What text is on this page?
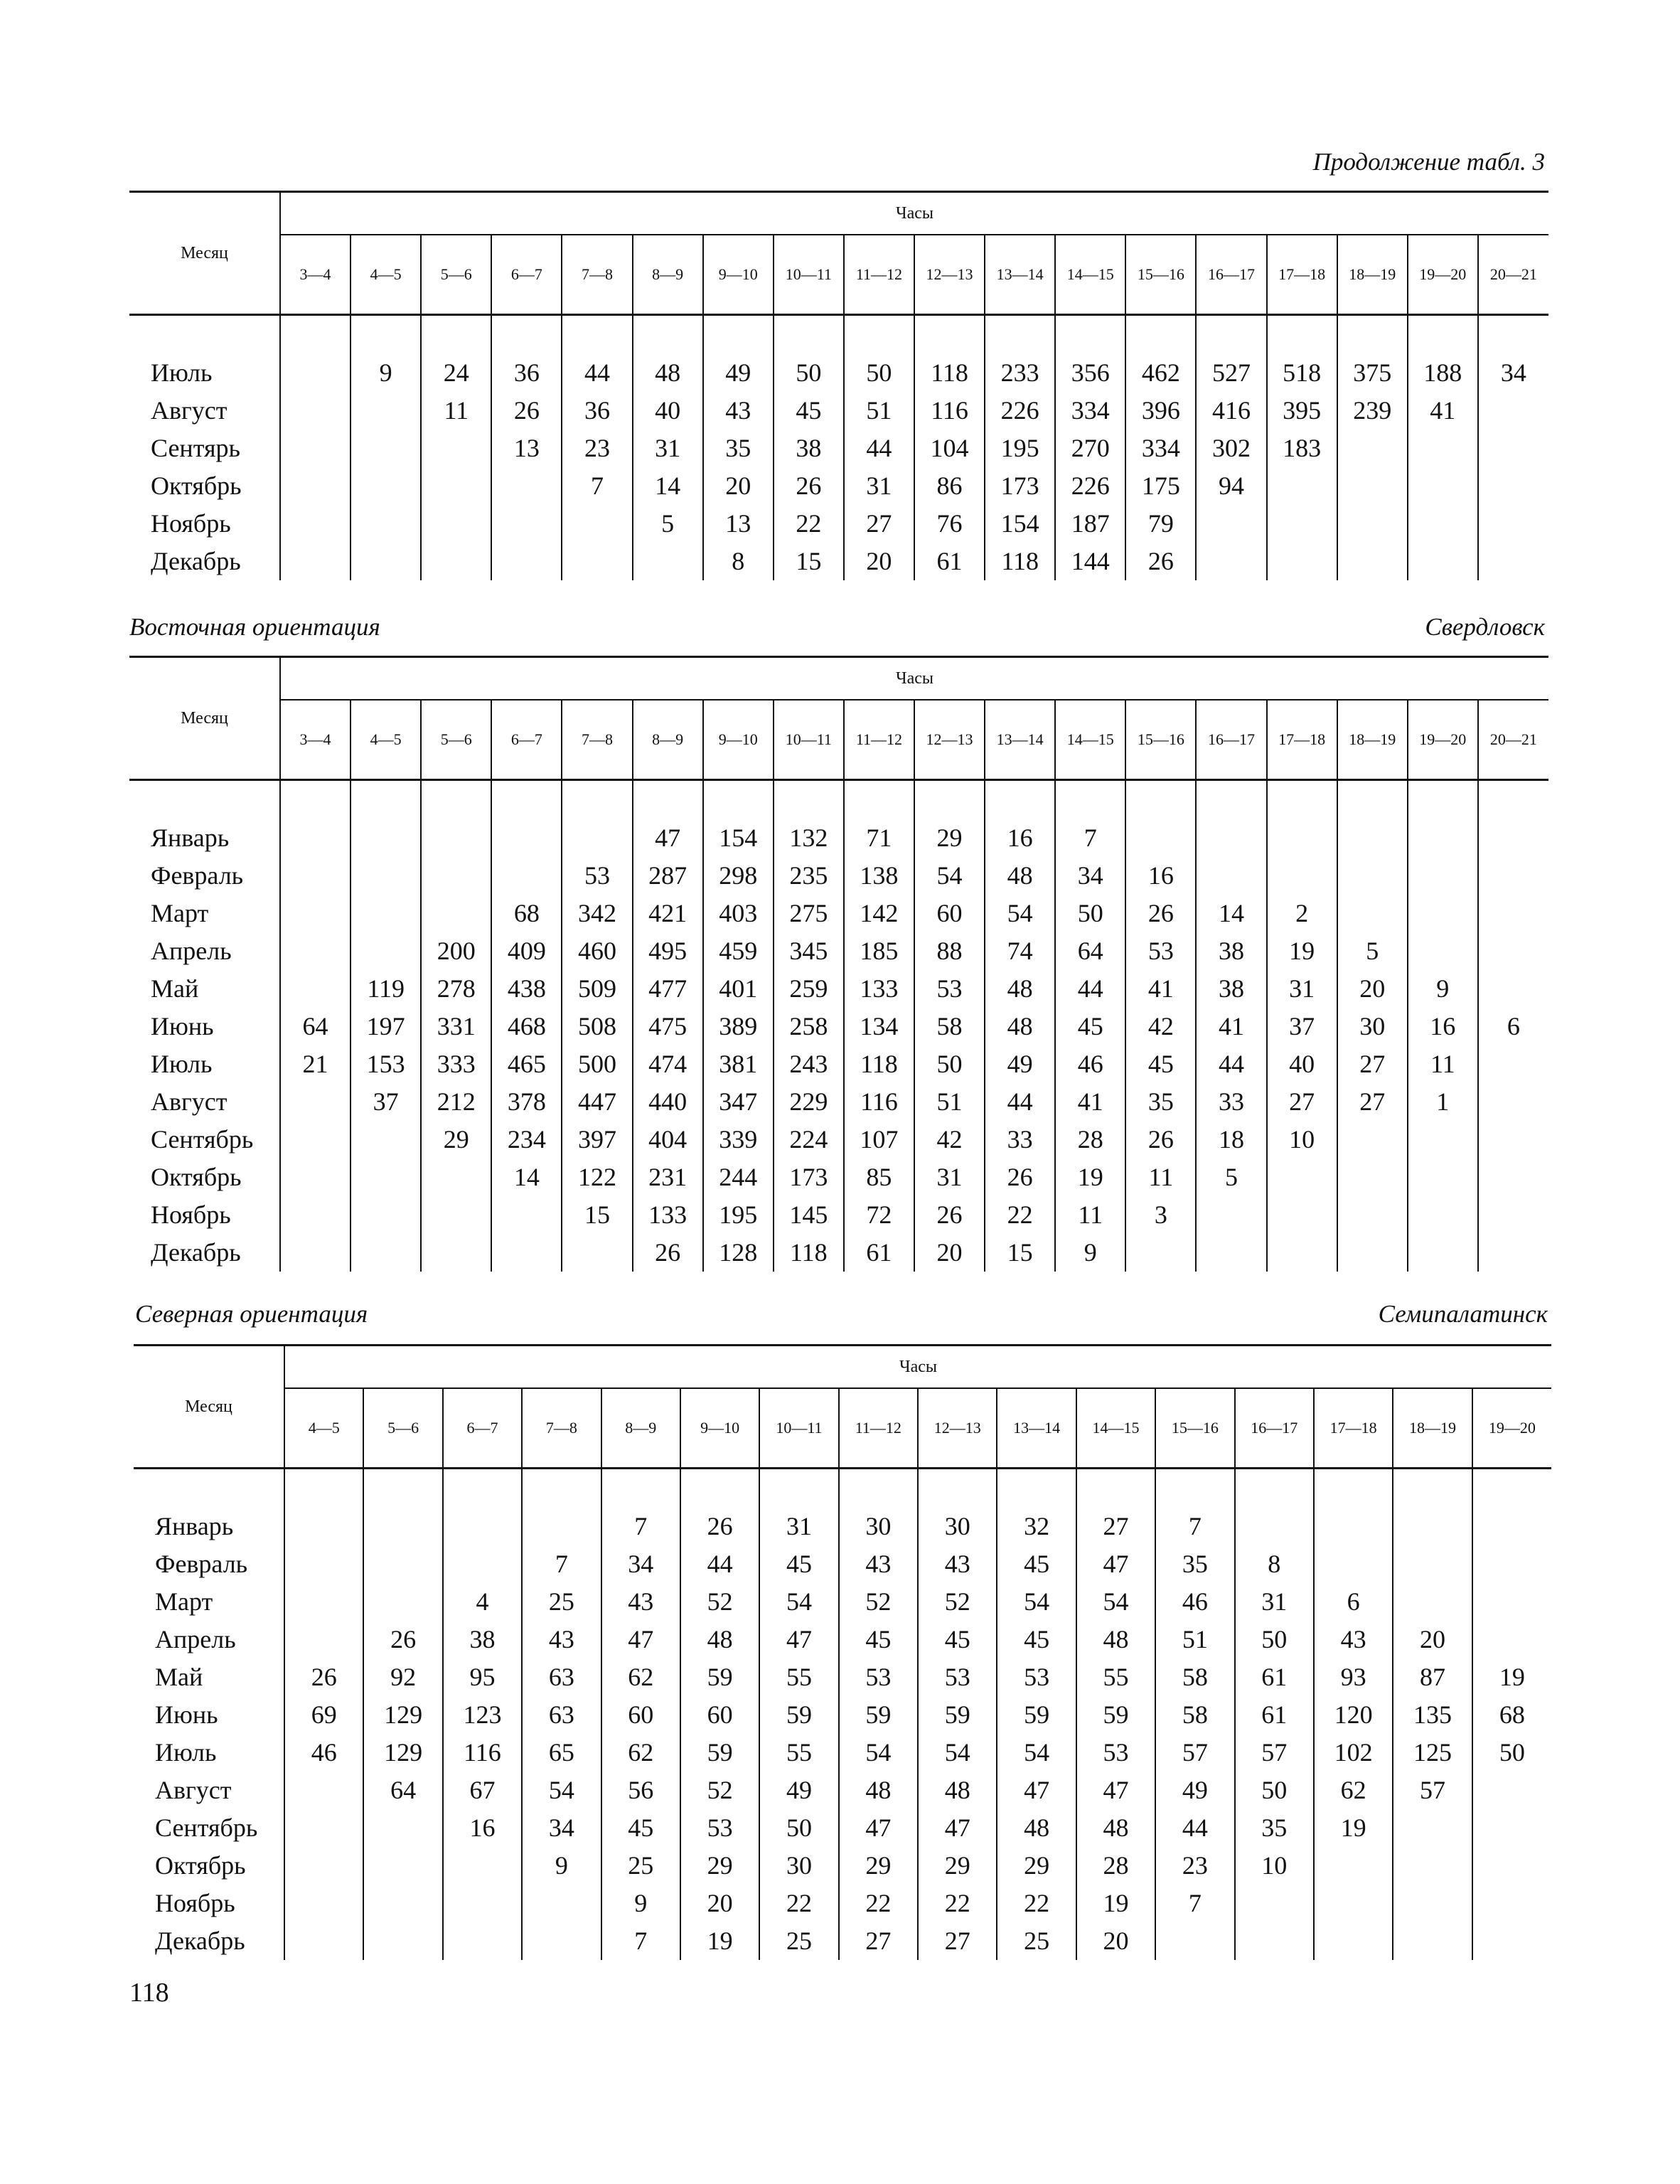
Продолжение табл. 3
Месяц	Часы																	
	3—4	4—5	5—6	6—7	7—8	8—9	9—10	10—11	11—12	12—13	13—14	14—15	15—16	16—17	17—18	18—19	19—20	20—21

Июль		9	24	36	44	48	49	50	50	118	233	356	462	527	518	375	188	34
Август			11	26	36	40	43	45	51	116	226	334	396	416	395	239	41	
Сентярь				13	23	31	35	38	44	104	195	270	334	302	183			
Октябрь					7	14	20	26	31	86	173	226	175	94				
Ноябрь						5	13	22	27	76	154	187	79					
Декабрь							8	15	20	61	118	144	26					
Восточная ориентация	Свердловск
Месяц	Часы																	
	3—4	4—5	5—6	6—7	7—8	8—9	9—10	10—11	11—12	12—13	13—14	14—15	15—16	16—17	17—18	18—19	19—20	20—21

Январь						47	154	132	71	29	16	7						
Февраль					53	287	298	235	138	54	48	34	16					
Март				68	342	421	403	275	142	60	54	50	26	14	2			
Апрель			200	409	460	495	459	345	185	88	74	64	53	38	19	5		
Май		119	278	438	509	477	401	259	133	53	48	44	41	38	31	20	9	
Июнь	64	197	331	468	508	475	389	258	134	58	48	45	42	41	37	30	16	6
Июль	21	153	333	465	500	474	381	243	118	50	49	46	45	44	40	27	11	
Август		37	212	378	447	440	347	229	116	51	44	41	35	33	27	27	1	
Сентябрь			29	234	397	404	339	224	107	42	33	28	26	18	10			
Октябрь				14	122	231	244	173	85	31	26	19	11	5				
Ноябрь					15	133	195	145	72	26	22	11	3					
Декабрь						26	128	118	61	20	15	9						
Северная ориентация	Семипалатинск
Месяц	Часы															
	4—5	5—6	6—7	7—8	8—9	9—10	10—11	11—12	12—13	13—14	14—15	15—16	16—17	17—18	18—19	19—20

Январь					7	26	31	30	30	32	27	7				
Февраль				7	34	44	45	43	43	45	47	35	8			
Март			4	25	43	52	54	52	52	54	54	46	31	6		
Апрель		26	38	43	47	48	47	45	45	45	48	51	50	43	20	
Май	26	92	95	63	62	59	55	53	53	53	55	58	61	93	87	19
Июнь	69	129	123	63	60	60	59	59	59	59	59	58	61	120	135	68
Июль	46	129	116	65	62	59	55	54	54	54	53	57	57	102	125	50
Август		64	67	54	56	52	49	48	48	47	47	49	50	62	57	
Сентябрь			16	34	45	53	50	47	47	48	48	44	35	19		
Октябрь				9	25	29	30	29	29	29	28	23	10			
Ноябрь					9	20	22	22	22	22	19	7				
Декабрь					7	19	25	27	27	25	20					
118
